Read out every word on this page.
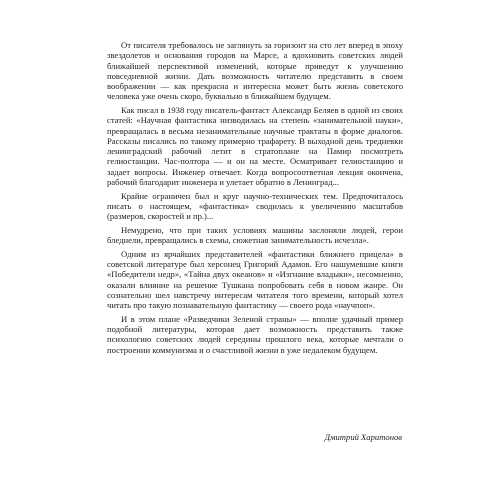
От писателя требовалось не заглянуть за горизонт на сто лет вперед в эпоху звездолетов и основания городов на Марсе, а вдохновить советских людей ближайшей перспективой изменений, которые приведут к улучшению повседневной жизни. Дать возможность читателю представить в своем воображении — как прекрасна и интересна может быть жизнь советского человека уже очень скоро, буквально в ближайшем будущем.

Как писал в 1938 году писатель-фантаст Александр Беляев в одной из своих статей: «Научная фантастика низводилась на степень «занимательной науки», превращалась в весьма незанимательные научные трактаты в форме диалогов. Рассказы писались по такому примерно трафарету. В выходной день тредневки ленинградский рабочий летит в стратоплане на Памир посмотреть гелиостанции. Час-полтора — и он на месте. Осматривает гелиостанцию и задает вопросы. Инженер отвечает. Когда вопросоответная лекция окончена, рабочий благодарит инженера и улетает обратно в Ленинград...

Крайне ограничен был и круг научно-технических тем. Предпочиталось писать о настоящем, «фантастика» сводилась к увеличению масштабов (размеров, скоростей и пр.)...

Немудрено, что при таких условиях машины заслоняли людей, герои бледнели, превращались в схемы, сюжетная занимательность исчезла».

Одним из ярчайших представителей «фантастики ближнего прицела» в советской литературе был херсонец Григорий Адамов. Его нашумевшие книги «Победители недр», «Тайна двух океанов» и «Изгнание владыки», несомненно, оказали влияние на решение Тушкана попробовать себя в новом жанре. Он сознательно шел навстречу интересам читателя того времени, который хотел читать про такую познавательную фантастику — своего рода «научпоп».

И в этом плане «Разведчики Зеленой страны» — вполне удачный пример подобной литературы, которая дает возможность представить также психологию советских людей середины прошлого века, которые мечтали о построении коммунизма и о счастливой жизни в уже недалеком будущем.

Дмитрий Харитонов
